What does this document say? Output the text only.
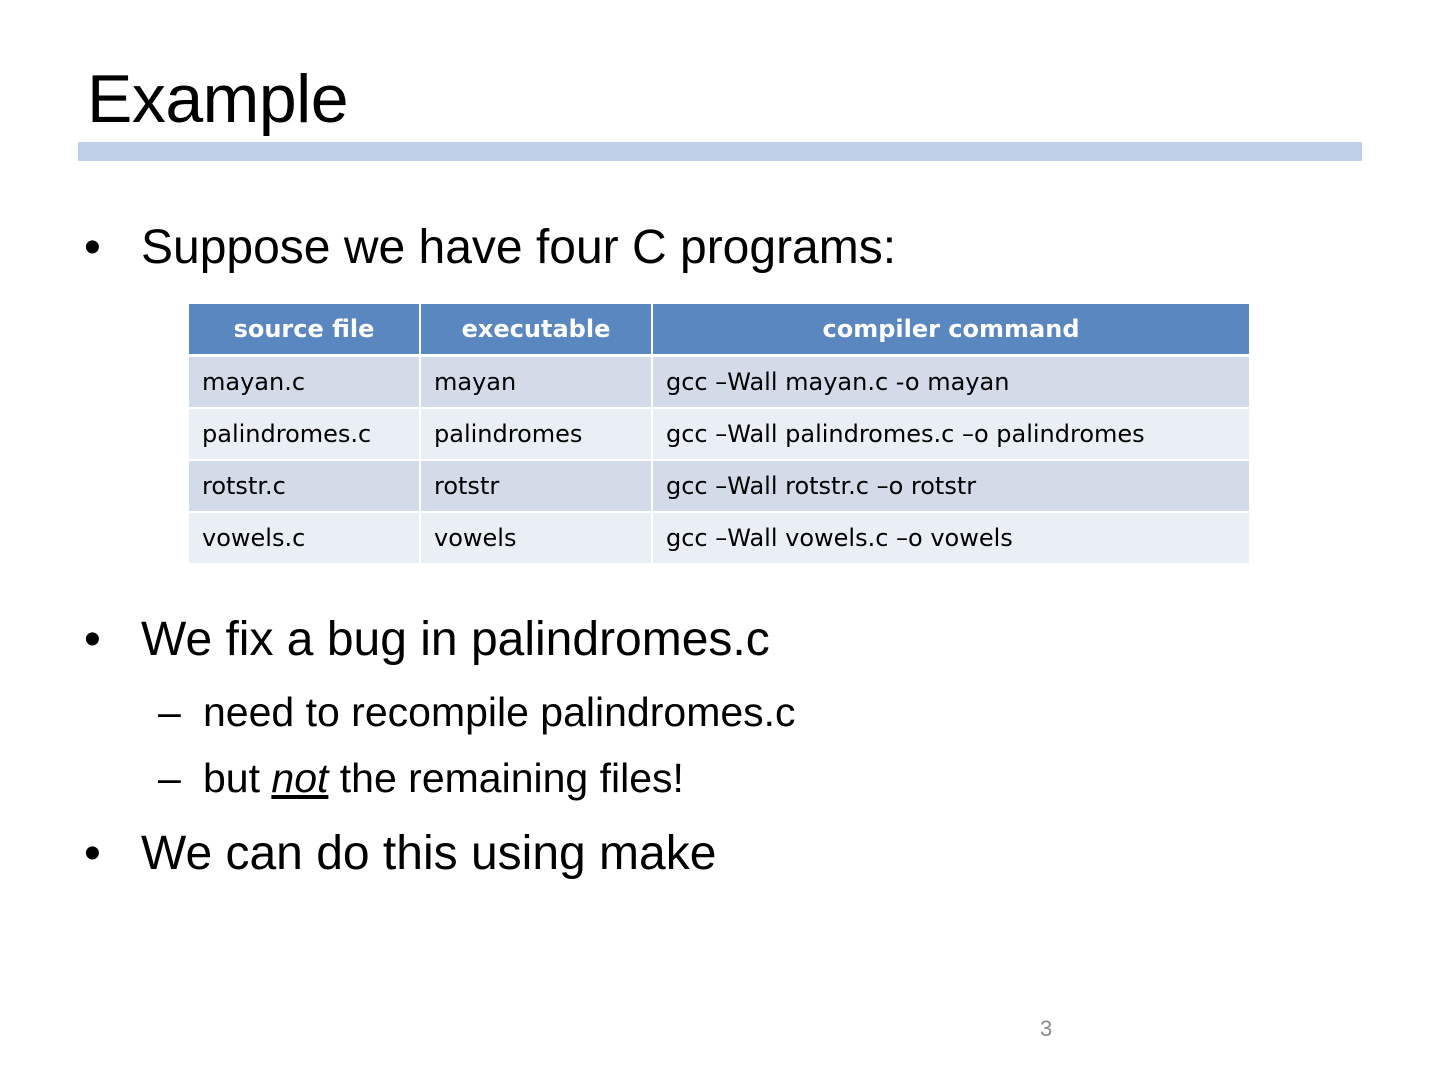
Example
• Suppose we have four C programs:
source file	executable	compiler command
mayan.c	mayan	gcc –Wall mayan.c -o mayan
palindromes.c	palindromes	gcc –Wall palindromes.c –o palindromes
rotstr.c	rotstr	gcc –Wall rotstr.c –o rotstr
vowels.c	vowels	gcc –Wall vowels.c –o vowels
• We fix a bug in palindromes.c
– need to recompile palindromes.c
– but not the remaining files!
• We can do this using make
3
